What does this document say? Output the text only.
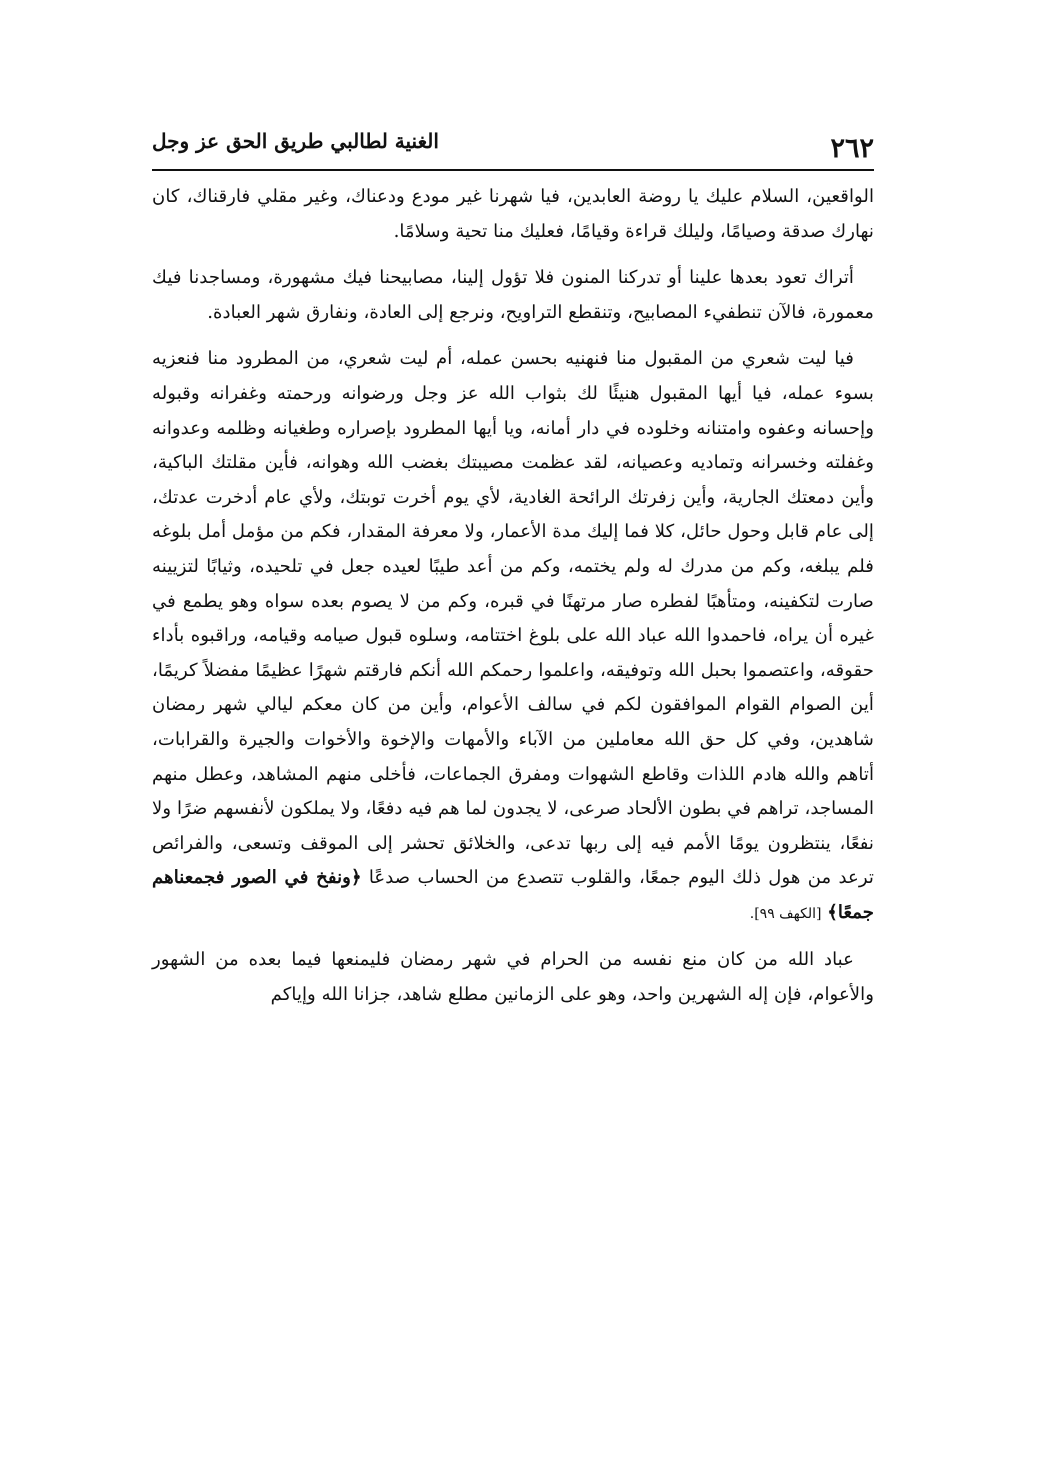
٢٦٢
الغنية لطالبي طريق الحق عز وجل

الواقعين، السلام عليك يا روضة العابدين، فيا شهرنا غير مودع ودعناك، وغير مقلي فارقناك، كان نهارك صدقة وصيامًا، وليلك قراءة وقيامًا، فعليك منا تحية وسلامًا.

أتراك تعود بعدها علينا أو تدركنا المنون فلا تؤول إلينا، مصابيحنا فيك مشهورة، ومساجدنا فيك معمورة، فالآن تنطفيء المصابيح، وتنقطع التراويح، ونرجع إلى العادة، ونفارق شهر العبادة.

فيا ليت شعري من المقبول منا فنهنيه بحسن عمله، أم ليت شعري، من المطرود منا فنعزيه بسوء عمله، فيا أيها المقبول هنيئًا لك بثواب الله عز وجل ورضوانه ورحمته وغفرانه وقبوله وإحسانه وعفوه وامتنانه وخلوده في دار أمانه، ويا أيها المطرود بإصراره وطغيانه وظلمه وعدوانه وغفلته وخسرانه وتماديه وعصيانه، لقد عظمت مصيبتك بغضب الله وهوانه، فأين مقلتك الباكية، وأين دمعتك الجارية، وأين زفرتك الرائحة الغادية، لأي يوم أخرت توبتك، ولأي عام أدخرت عدتك، إلى عام قابل وحول حائل، كلا فما إليك مدة الأعمار، ولا معرفة المقدار، فكم من مؤمل أمل بلوغه فلم يبلغه، وكم من مدرك له ولم يختمه، وكم من أعد طيبًا لعيده جعل في تلحيده، وثيابًا لتزيينه صارت لتكفينه، ومتأهبًا لفطره صار مرتهنًا في قبره، وكم من لا يصوم بعده سواه وهو يطمع في غيره أن يراه، فاحمدوا الله عباد الله على بلوغ اختتامه، وسلوه قبول صيامه وقيامه، وراقبوه بأداء حقوقه، واعتصموا بحبل الله وتوفيقه، واعلموا رحمكم الله أنكم فارقتم شهرًا عظيمًا مفضلاً كريمًا، أين الصوام القوام الموافقون لكم في سالف الأعوام، وأين من كان معكم ليالي شهر رمضان شاهدين، وفي كل حق الله معاملين من الآباء والأمهات والإخوة والأخوات والجيرة والقرابات، أتاهم والله هادم اللذات وقاطع الشهوات ومفرق الجماعات، فأخلى منهم المشاهد، وعطل منهم المساجد، تراهم في بطون الألحاد صرعى، لا يجدون لما هم فيه دفعًا، ولا يملكون لأنفسهم ضرًا ولا نفعًا، ينتظرون يومًا الأمم فيه إلى ربها تدعى، والخلائق تحشر إلى الموقف وتسعى، والفرائص ترعد من هول ذلك اليوم جمعًا، والقلوب تتصدع من الحساب صدعًا ﴿ونفخ في الصور فجمعناهم جمعًا﴾ [الكهف ٩٩].

عباد الله من كان منع نفسه من الحرام في شهر رمضان فليمنعها فيما بعده من الشهور والأعوام، فإن إله الشهرين واحد، وهو على الزمانين مطلع شاهد، جزانا الله وإياكم
